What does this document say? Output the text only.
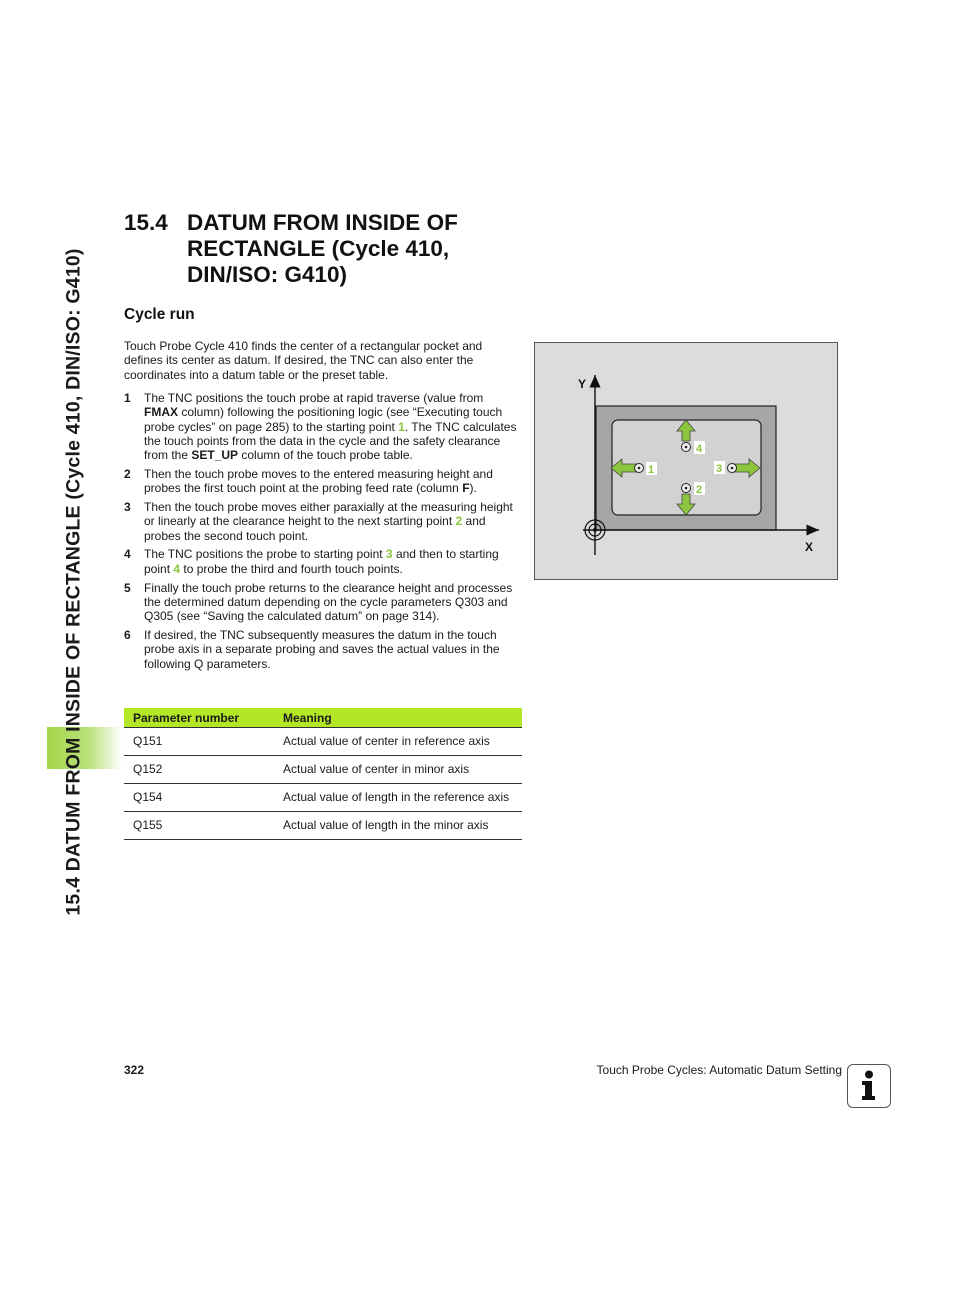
15.4 DATUM FROM INSIDE OF RECTANGLE (Cycle 410, DIN/ISO: G410)
15.4 DATUM FROM INSIDE OF
RECTANGLE (Cycle 410,
DIN/ISO: G410)
Cycle run
Touch Probe Cycle 410 finds the center of a rectangular pocket and defines its center as datum. If desired, the TNC can also enter the coordinates into a datum table or the preset table.
1 The TNC positions the touch probe at rapid traverse (value from FMAX column) following the positioning logic (see “Executing touch probe cycles” on page 285) to the starting point 1. The TNC calculates the touch points from the data in the cycle and the safety clearance from the SET_UP column of the touch probe table.
2 Then the touch probe moves to the entered measuring height and probes the first touch point at the probing feed rate (column F).
3 Then the touch probe moves either paraxially at the measuring height or linearly at the clearance height to the next starting point 2 and probes the second touch point.
4 The TNC positions the probe to starting point 3 and then to starting point 4 to probe the third and fourth touch points.
5 Finally the touch probe returns to the clearance height and processes the determined datum depending on the cycle parameters Q303 and Q305 (see “Saving the calculated datum” on page 314).
6 If desired, the TNC subsequently measures the datum in the touch probe axis in a separate probing and saves the actual values in the following Q parameters.
Parameter number	Meaning
Q151	Actual value of center in reference axis
Q152	Actual value of center in minor axis
Q154	Actual value of length in the reference axis
Q155	Actual value of length in the minor axis
Y
X
1	3
4
2
322	Touch Probe Cycles: Automatic Datum Setting
